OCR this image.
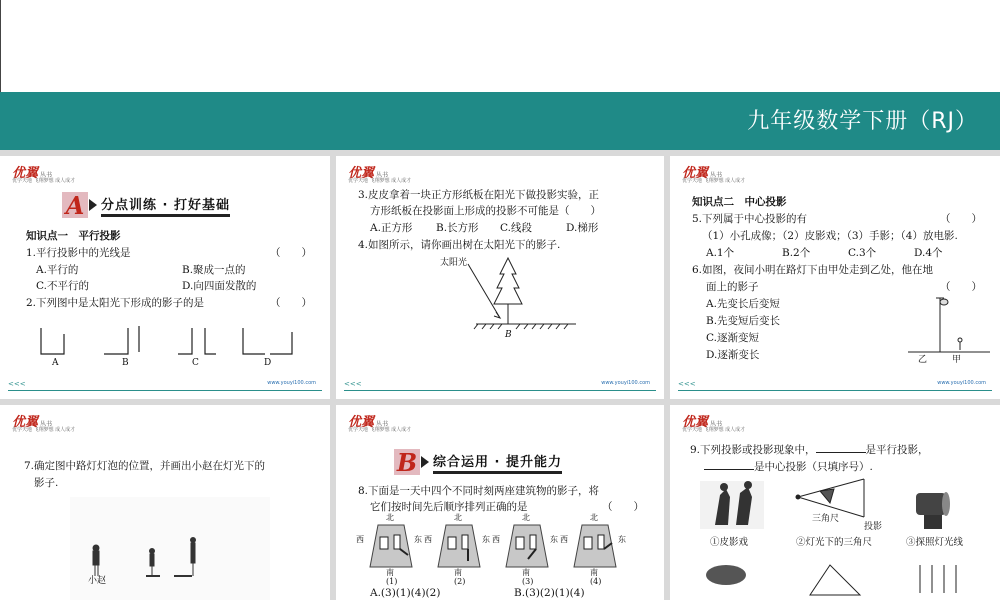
九年级数学下册（RJ）
优翼 丛书
优学天地 飞翔梦想 成人成才
A 分点训练 · 打好基础
知识点一　平行投影
1.平行投影中的光线是	（　　）
A.平行的	B.聚成一点的
C.不平行的	D.向四面发散的
2.下列图中是太阳光下形成的影子的是	（　　）
A	B	C	D
<<<	www.youyi100.com
优翼 丛书
优学天地 飞翔梦想 成人成才
3.皮皮拿着一块正方形纸板在阳光下做投影实验，正
方形纸板在投影面上形成的投影不可能是（　　）
A.正方形 B.长方形 C.线段	D.梯形
4.如图所示，请你画出树在太阳光下的影子.
太阳光
B
<<<	www.youyi100.com
优翼 丛书
优学天地 飞翔梦想 成人成才
知识点二　中心投影
5.下列属于中心投影的有	（　　）
（1）小孔成像；（2）皮影戏；（3）手影；（4）放电影.
A.1个	B.2个	C.3个	D.4个
6.如图，夜间小明在路灯下由甲处走到乙处，他在地
面上的影子	（　　）
A.先变长后变短
B.先变短后变长
C.逐渐变短
D.逐渐变长	乙	甲
<<<	www.youyi100.com
优翼 丛书
优学天地 飞翔梦想 成人成才
7.确定图中路灯灯泡的位置，并画出小赵在灯光下的
影子.
小赵
优翼 丛书
优学天地 飞翔梦想 成人成才
B 综合运用 · 提升能力
8.下面是一天中四个不同时刻两座建筑物的影子，将
它们按时间先后顺序排列正确的是	（　　）
北
西	东
南
(1)
北
西	东
南
(2)
北
西	东
南
(3)
北
西	东
南
(4)
A.(3)(1)(4)(2)	B.(3)(2)(1)(4)
优翼 丛书
优学天地 飞翔梦想 成人成才
9.下列投影或投影现象中，	是平行投影，
是中心投影（只填序号）.
三角尺
投影
①皮影戏	②灯光下的三角尺	③探照灯光线
